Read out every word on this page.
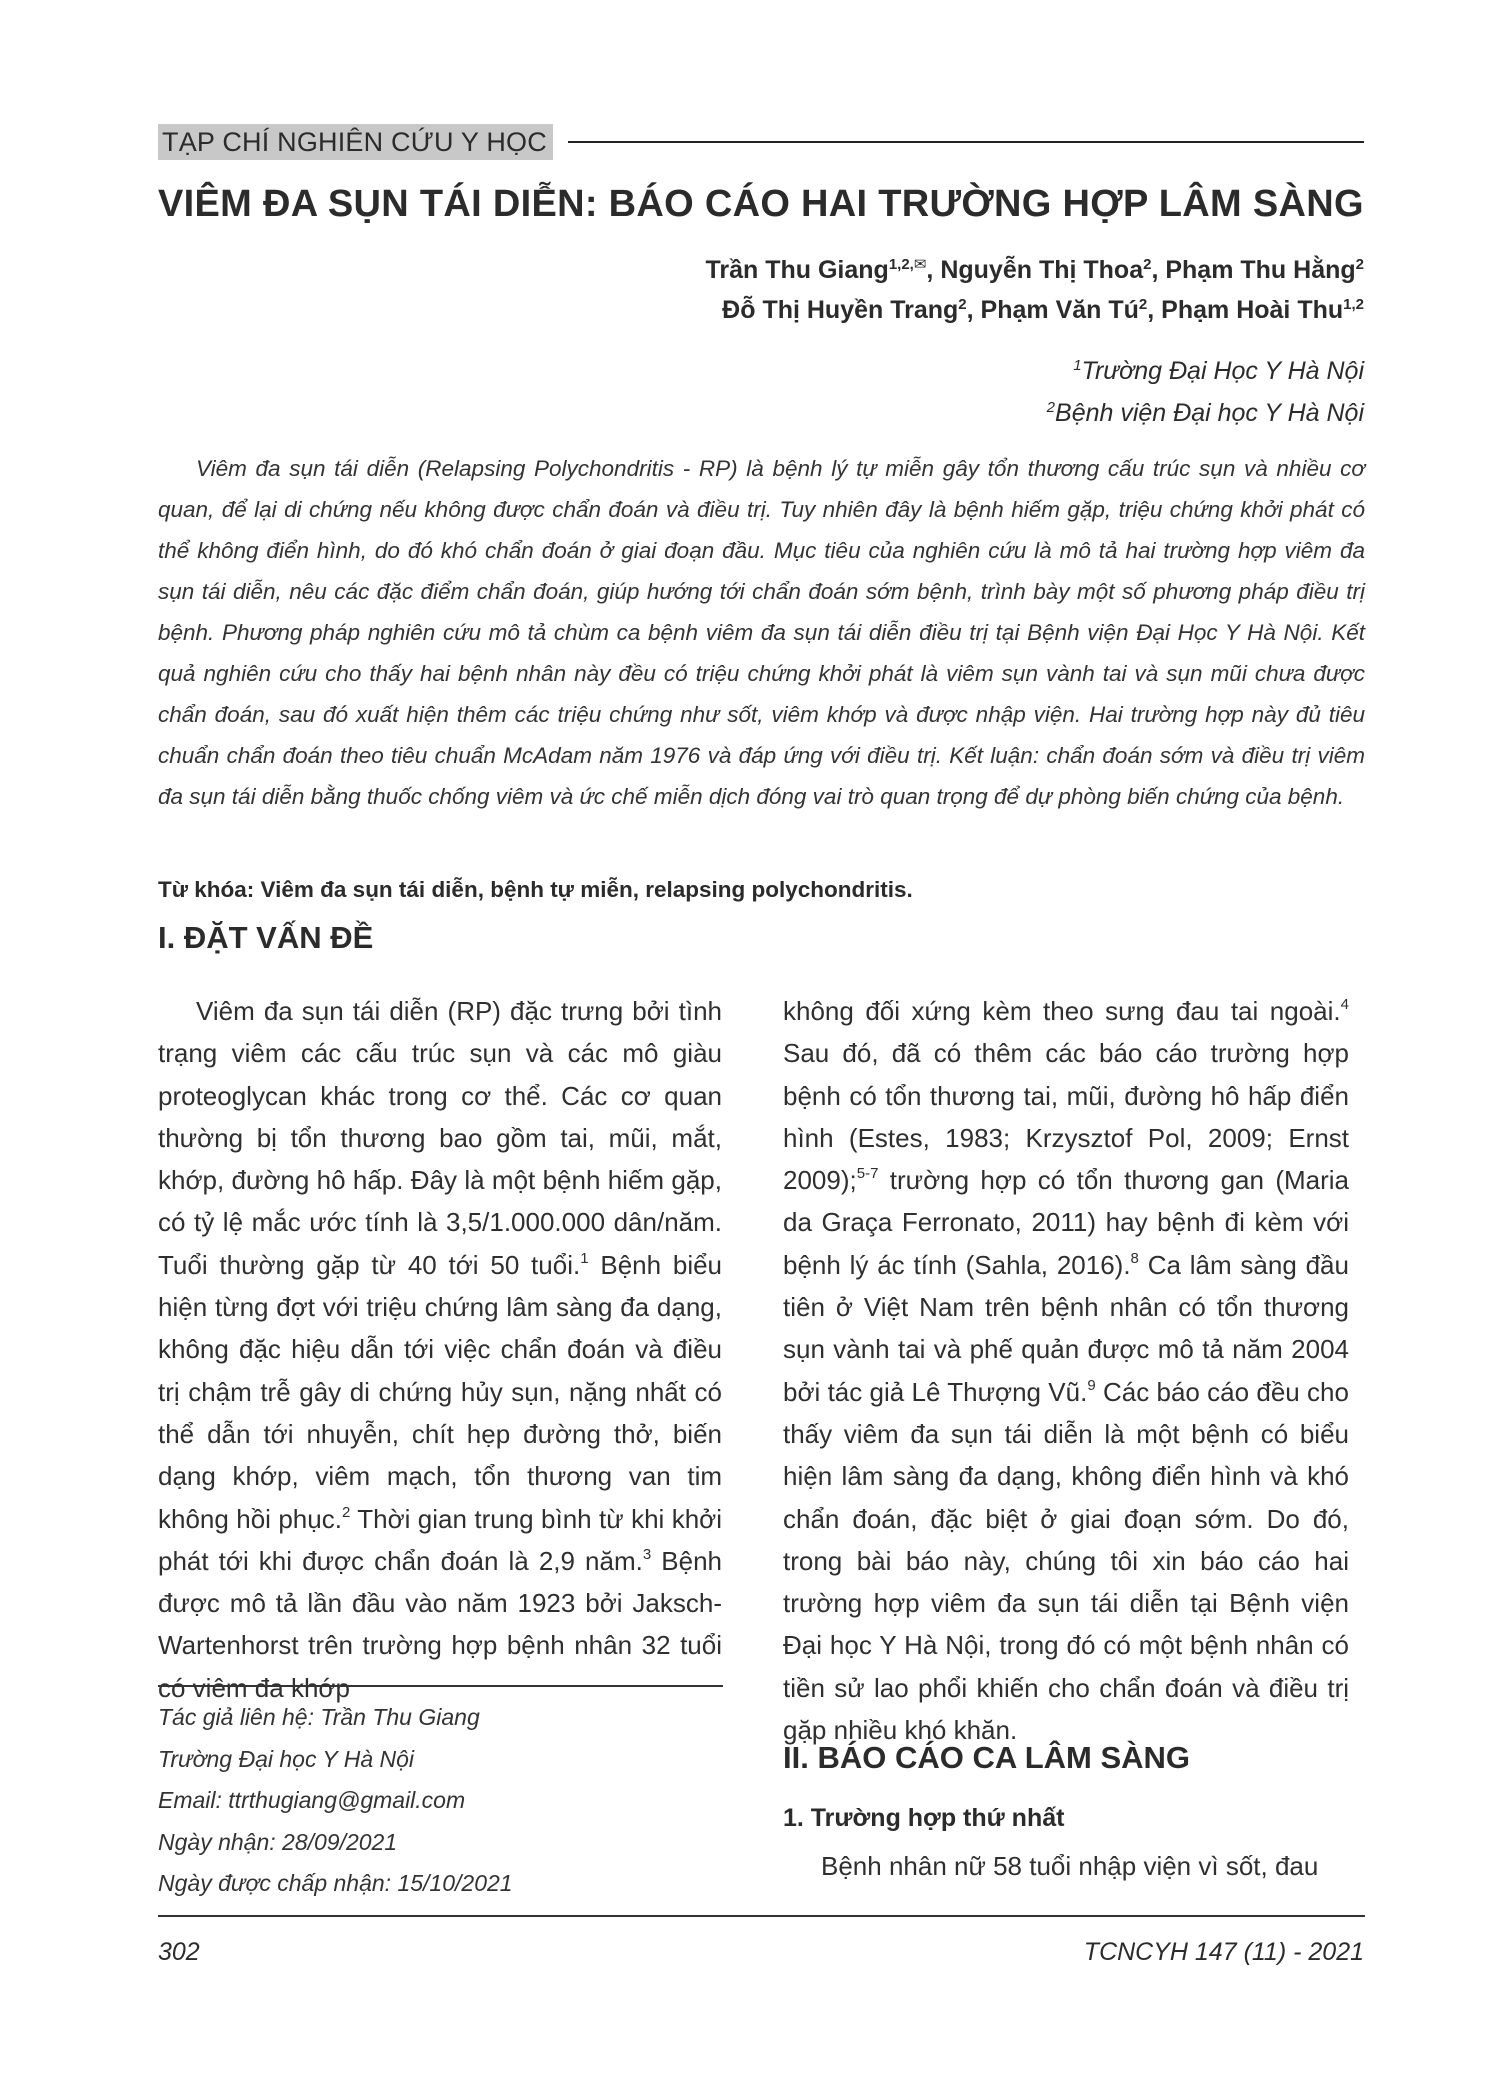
TẠP CHÍ NGHIÊN CỨU Y HỌC
VIÊM ĐA SỤN TÁI DIỄN: BÁO CÁO HAI TRƯỜNG HỢP LÂM SÀNG
Trần Thu Giang$^{1,2,✉}$, Nguyễn Thị Thoa$^2$, Phạm Thu Hằng$^2$
Đỗ Thị Huyền Trang$^2$, Phạm Văn $Tú^2$, Phạm Hoài Thu$^{1,2}$
$^1$Trường Đại Học Y Hà Nội
$^2$Bệnh viện Đại học Y Hà Nội

Viêm đa sụn tái diễn (Relapsing Polychondritis - RP) là bệnh lý tự miễn gây tổn thương cấu trúc sụn và nhiều cơ quan, để lại di chứng nếu không được chẩn đoán và điều trị. Tuy nhiên đây là bệnh hiếm gặp, triệu chứng khởi phát có thể không điển hình, do đó khó chẩn đoán ở giai đoạn đầu. Mục tiêu của nghiên cứu là mô tả hai trường hợp viêm đa sụn tái diễn, nêu các đặc điểm chẩn đoán, giúp hướng tới chẩn đoán sớm bệnh, trình bày một số phương pháp điều trị bệnh. Phương pháp nghiên cứu mô tả chùm ca bệnh viêm đa sụn tái diễn điều trị tại Bệnh viện Đại Học Y Hà Nội. Kết quả nghiên cứu cho thấy hai bệnh nhân này đều có triệu chứng khởi phát là viêm sụn vành tai và sụn mũi chưa được chẩn đoán, sau đó xuất hiện thêm các triệu chứng như sốt, viêm khớp và được nhập viện. Hai trường hợp này đủ tiêu chuẩn chẩn đoán theo tiêu chuẩn McAdam năm 1976 và đáp ứng với điều trị. Kết luận: chẩn đoán sớm và điều trị viêm đa sụn tái diễn bằng thuốc chống viêm và ức chế miễn dịch đóng vai trò quan trọng để dự phòng biến chứng của bệnh.

Từ khóa: Viêm đa sụn tái diễn, bệnh tự miễn, relapsing polychondritis.
I. ĐẶT VẤN ĐỀ

Viêm đa sụn tái diễn (RP) đặc trưng bởi tình trạng viêm các cấu trúc sụn và các mô giàu proteoglycan khác trong cơ thể. Các cơ quan thường bị tổn thương bao gồm tai, mũi, mắt, khớp, đường hô hấp. Đây là một bệnh hiếm gặp, có tỷ lệ mắc ước tính là 3,5/1.000.000 dân/năm. Tuổi thường gặp từ 40 tới 50 tuổi.$^1$ Bệnh biểu hiện từng đợt với triệu chứng lâm sàng đa dạng, không đặc hiệu dẫn tới việc chẩn đoán và điều trị chậm trễ gây di chứng hủy sụn, nặng nhất có thể dẫn tới nhuyễn, chít hẹp đường thở, biến dạng khớp, viêm mạch, tổn thương van tim không hồi phục.$^2$ Thời gian trung bình từ khi khởi phát tới khi được chẩn đoán là 2,9 năm.$^3$ Bệnh được mô tả lần đầu vào năm 1923 bởi Jaksch-Wartenhorst trên trường hợp bệnh nhân 32 tuổi có viêm đa khớp

không đối xứng kèm theo sưng đau tai ngoài.$^4$ Sau đó, đã có thêm các báo cáo trường hợp bệnh có tổn thương tai, mũi, đường hô hấp điển hình (Estes, 1983; Krzysztof Pol, 2009; Ernst 2009);$^{5-7}$ trường hợp có tổn thương gan (Maria da Graça Ferronato, 2011) hay bệnh đi kèm với bệnh lý ác tính (Sahla, 2016).$^8$ Ca lâm sàng đầu tiên ở Việt Nam trên bệnh nhân có tổn thương sụn vành tai và phế quản được mô tả năm 2004 bởi tác giả Lê Thượng Vũ.$^9$ Các báo cáo đều cho thấy viêm đa sụn tái diễn là một bệnh có biểu hiện lâm sàng đa dạng, không điển hình và khó chẩn đoán, đặc biệt ở giai đoạn sớm. Do đó, trong bài báo này, chúng tôi xin báo cáo hai trường hợp viêm đa sụn tái diễn tại Bệnh viện Đại học Y Hà Nội, trong đó có một bệnh nhân có tiền sử lao phổi khiến cho chẩn đoán và điều trị gặp nhiều khó khăn.

Tác giả liên hệ: Trần Thu Giang
Trường Đại học Y Hà Nội
Email: ttrthugiang@gmail.com
Ngày nhận: 28/09/2021
Ngày được chấp nhận: 15/10/2021
II. BÁO CÁO CA LÂM SÀNG
1. Trường hợp thứ nhất
Bệnh nhân nữ 58 tuổi nhập viện vì sốt, đau
302	TCNCYH 147 (11) - 2021
